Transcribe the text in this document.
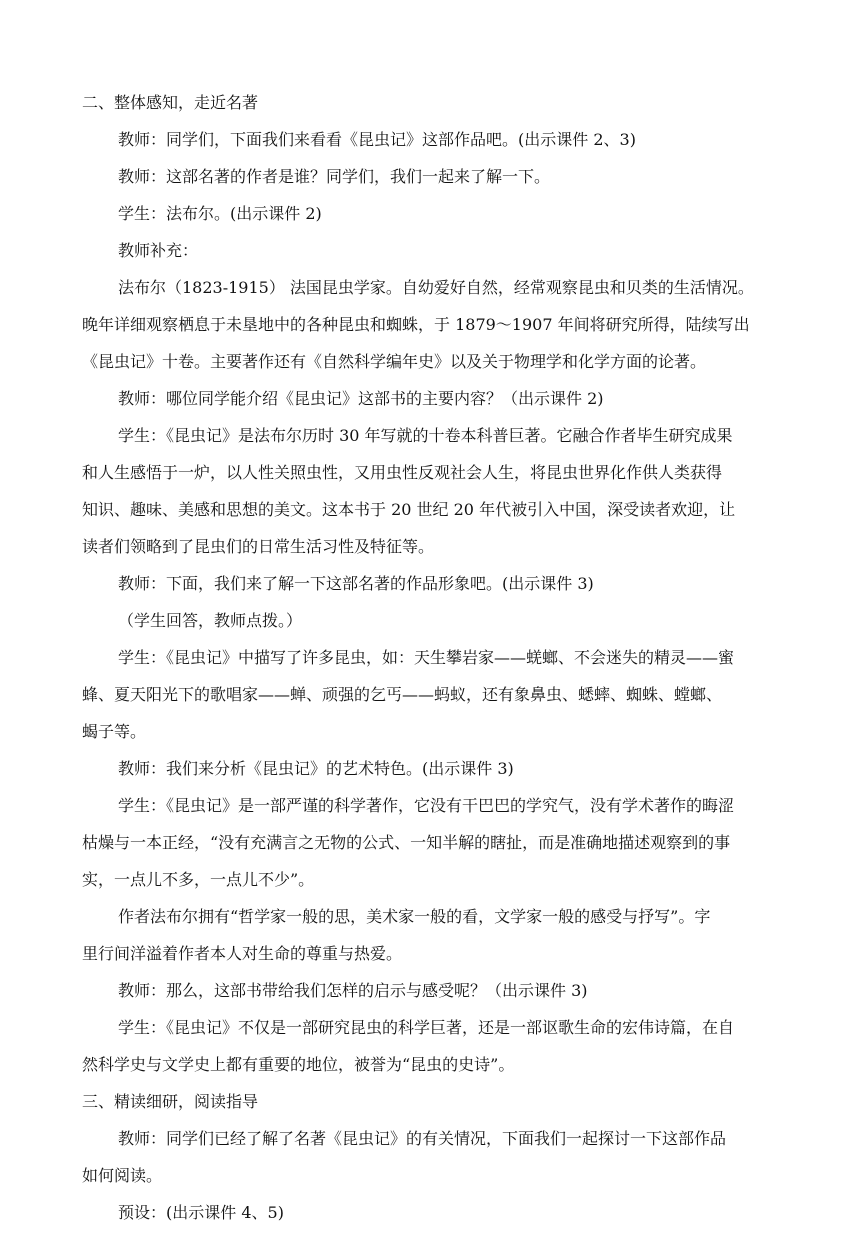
二、整体感知，走近名著
教师：同学们，下面我们来看看《昆虫记》这部作品吧。(出示课件 2、3)
教师：这部名著的作者是谁？同学们，我们一起来了解一下。
学生：法布尔。(出示课件 2)
教师补充：
法布尔（1823-1915） 法国昆虫学家。自幼爱好自然，经常观察昆虫和贝类的生活情况。
晚年详细观察栖息于未垦地中的各种昆虫和蜘蛛，于 1879～1907 年间将研究所得，陆续写出
《昆虫记》十卷。主要著作还有《自然科学编年史》以及关于物理学和化学方面的论著。
教师：哪位同学能介绍《昆虫记》这部书的主要内容？（出示课件 2)
学生：《昆虫记》是法布尔历时 30 年写就的十卷本科普巨著。它融合作者毕生研究成果
和人生感悟于一炉，以人性关照虫性，又用虫性反观社会人生，将昆虫世界化作供人类获得
知识、趣味、美感和思想的美文。这本书于 20 世纪 20 年代被引入中国，深受读者欢迎，让
读者们领略到了昆虫们的日常生活习性及特征等。
教师：下面，我们来了解一下这部名著的作品形象吧。(出示课件 3)
（学生回答，教师点拨。）
学生：《昆虫记》中描写了许多昆虫，如：天生攀岩家——蜣螂、不会迷失的精灵——蜜
蜂、夏天阳光下的歌唱家——蝉、顽强的乞丐——蚂蚁，还有象鼻虫、蟋蟀、蜘蛛、螳螂、
蝎子等。
教师：我们来分析《昆虫记》的艺术特色。(出示课件 3)
学生：《昆虫记》是一部严谨的科学著作，它没有干巴巴的学究气，没有学术著作的晦涩
枯燥与一本正经，“没有充满言之无物的公式、一知半解的瞎扯，而是准确地描述观察到的事
实，一点儿不多，一点儿不少”。
作者法布尔拥有“哲学家一般的思，美术家一般的看，文学家一般的感受与抒写”。字
里行间洋溢着作者本人对生命的尊重与热爱。
教师：那么，这部书带给我们怎样的启示与感受呢？（出示课件 3)
学生：《昆虫记》不仅是一部研究昆虫的科学巨著，还是一部讴歌生命的宏伟诗篇，在自
然科学史与文学史上都有重要的地位，被誉为“昆虫的史诗”。
三、精读细研，阅读指导
教师：同学们已经了解了名著《昆虫记》的有关情况，下面我们一起探讨一下这部作品
如何阅读。
预设：(出示课件 4、5)
